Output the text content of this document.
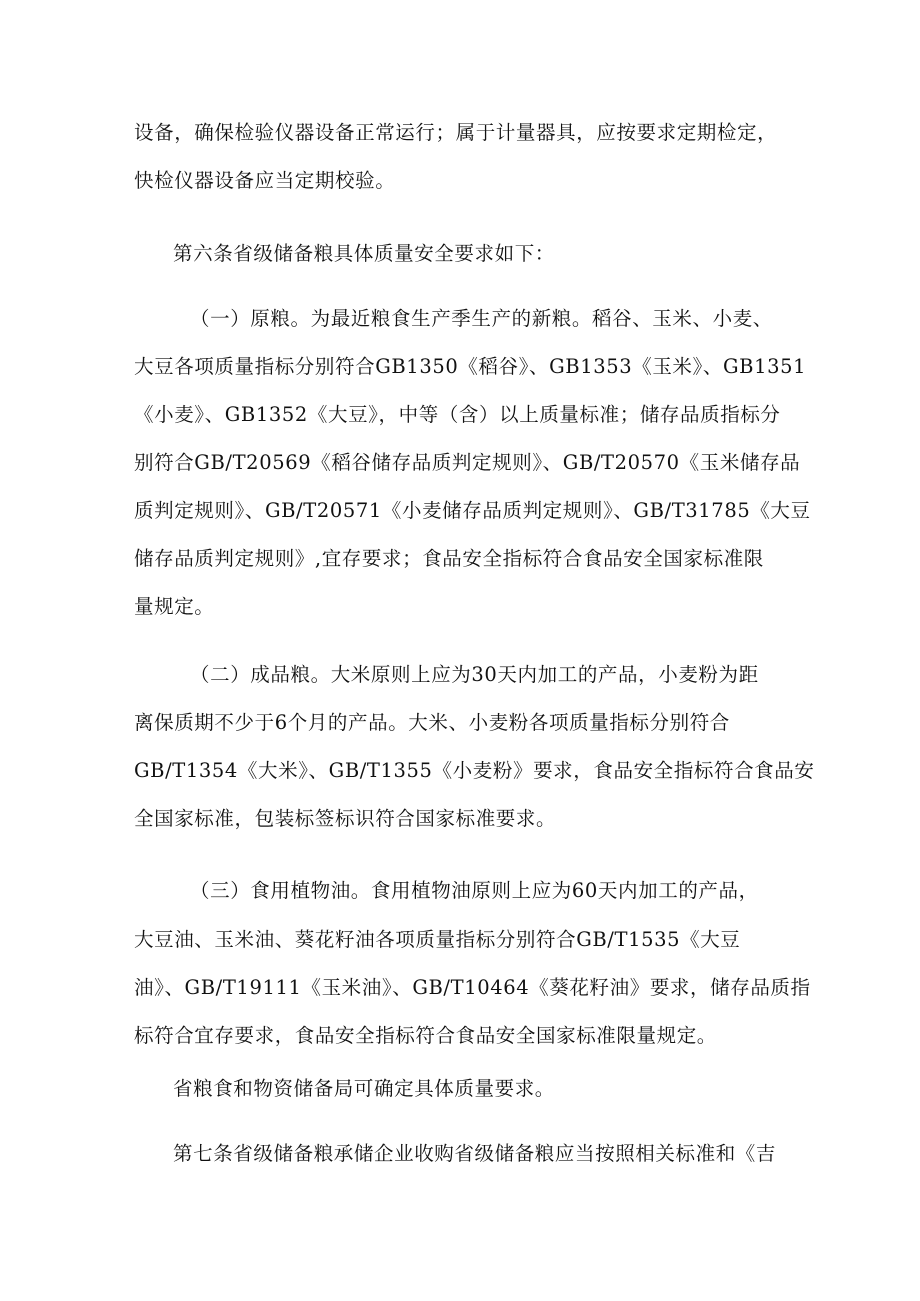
设备，确保检验仪器设备正常运行；属于计量器具，应按要求定期检定，

快检仪器设备应当定期校验。

第六条省级储备粮具体质量安全要求如下：

（一）原粮。为最近粮食生产季生产的新粮。稻谷、玉米、小麦、

大豆各项质量指标分别符合GB1350《稻谷》、GB1353《玉米》、GB1351

《小麦》、GB1352《大豆》，中等（含）以上质量标准；储存品质指标分

别符合GB/T20569《稻谷储存品质判定规则》、GB/T20570《玉米储存品

质判定规则》、GB/T20571《小麦储存品质判定规则》、GB/T31785《大豆

储存品质判定规则》,宜存要求；食品安全指标符合食品安全国家标准限

量规定。

（二）成品粮。大米原则上应为30天内加工的产品，小麦粉为距

离保质期不少于6个月的产品。大米、小麦粉各项质量指标分别符合

GB/T1354《大米》、GB/T1355《小麦粉》要求，食品安全指标符合食品安

全国家标准，包装标签标识符合国家标准要求。

（三）食用植物油。食用植物油原则上应为60天内加工的产品，

大豆油、玉米油、葵花籽油各项质量指标分别符合GB/T1535《大豆

油》、GB/T19111《玉米油》、GB/T10464《葵花籽油》要求，储存品质指

标符合宜存要求，食品安全指标符合食品安全国家标准限量规定。

省粮食和物资储备局可确定具体质量要求。

第七条省级储备粮承储企业收购省级储备粮应当按照相关标准和《吉
